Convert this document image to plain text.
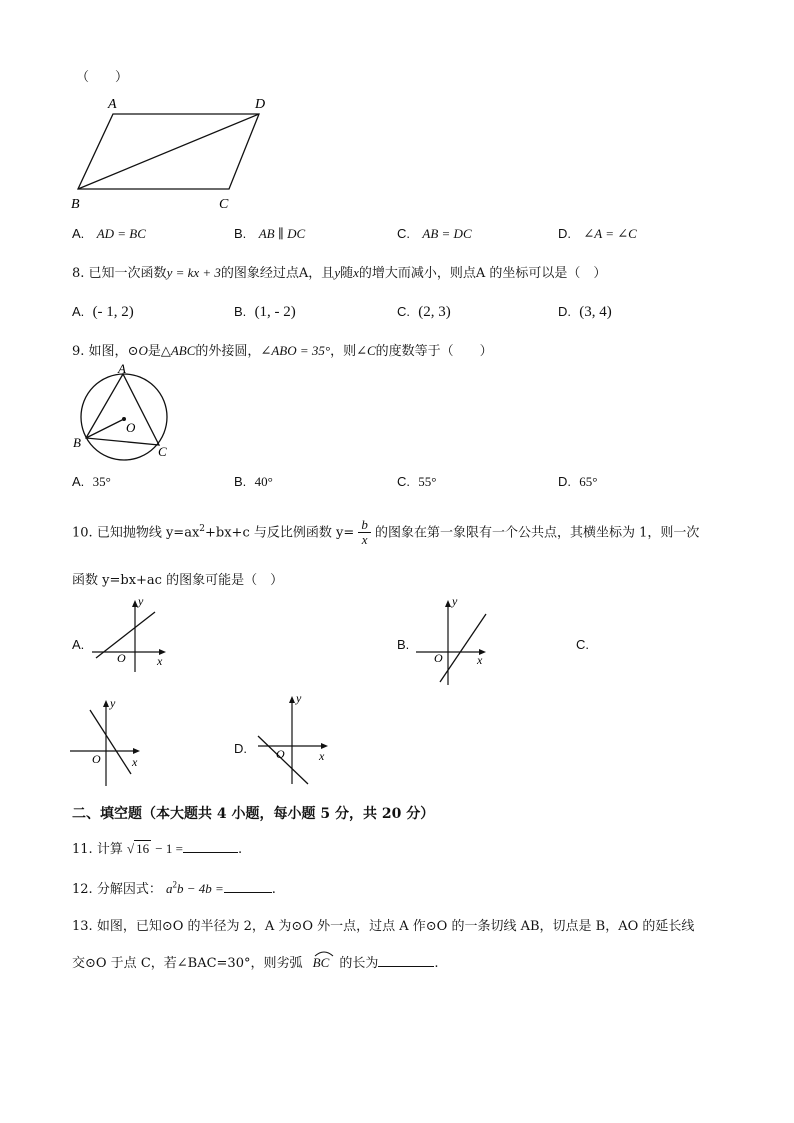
（　　）
A	D
B	C
A. AD = BC	B. AB ∥ DC	C. AB = DC	D. ∠A = ∠C
8. 已知一次函数y = kx + 3的图象经过点A，且y随x的增大而减小，则点A 的坐标可以是（　）
A. (- 1, 2)	B. (1, - 2)	C. (2, 3)	D. (3, 4)
9. 如图，⊙O是△ABC的外接圆，∠ABO = 35°，则∠C的度数等于（　　）
A
B
C
O
A. 35°	B. 40°	C. 55°	D. 65°
10. 已知抛物线 $y=ax^2+bx+c$ 与反比例函数 $y= \frac{b}{x}$ 的图象在第一象限有一个公共点，其横坐标为 1，则一次
函数 y=bx+ac 的图象可能是（　）
A.
x
y
O
B.
x
y
O
C.
x
y
O
D.	x
y
O
二、填空题（本大题共 4 小题，每小题 5 分，共 20 分）
11. 计算 √ 16 − 1 =	.
12. 分解因式： $a^2b - 4b$ =	.
13. 如图，已知⊙O 的半径为 2，A 为⊙O 外一点，过点 A 作⊙O 的一条切线 AB，切点是 B，AO 的延长线
交⊙O 于点 C，若∠BAC=30°，则劣弧 BC 的长为	.
